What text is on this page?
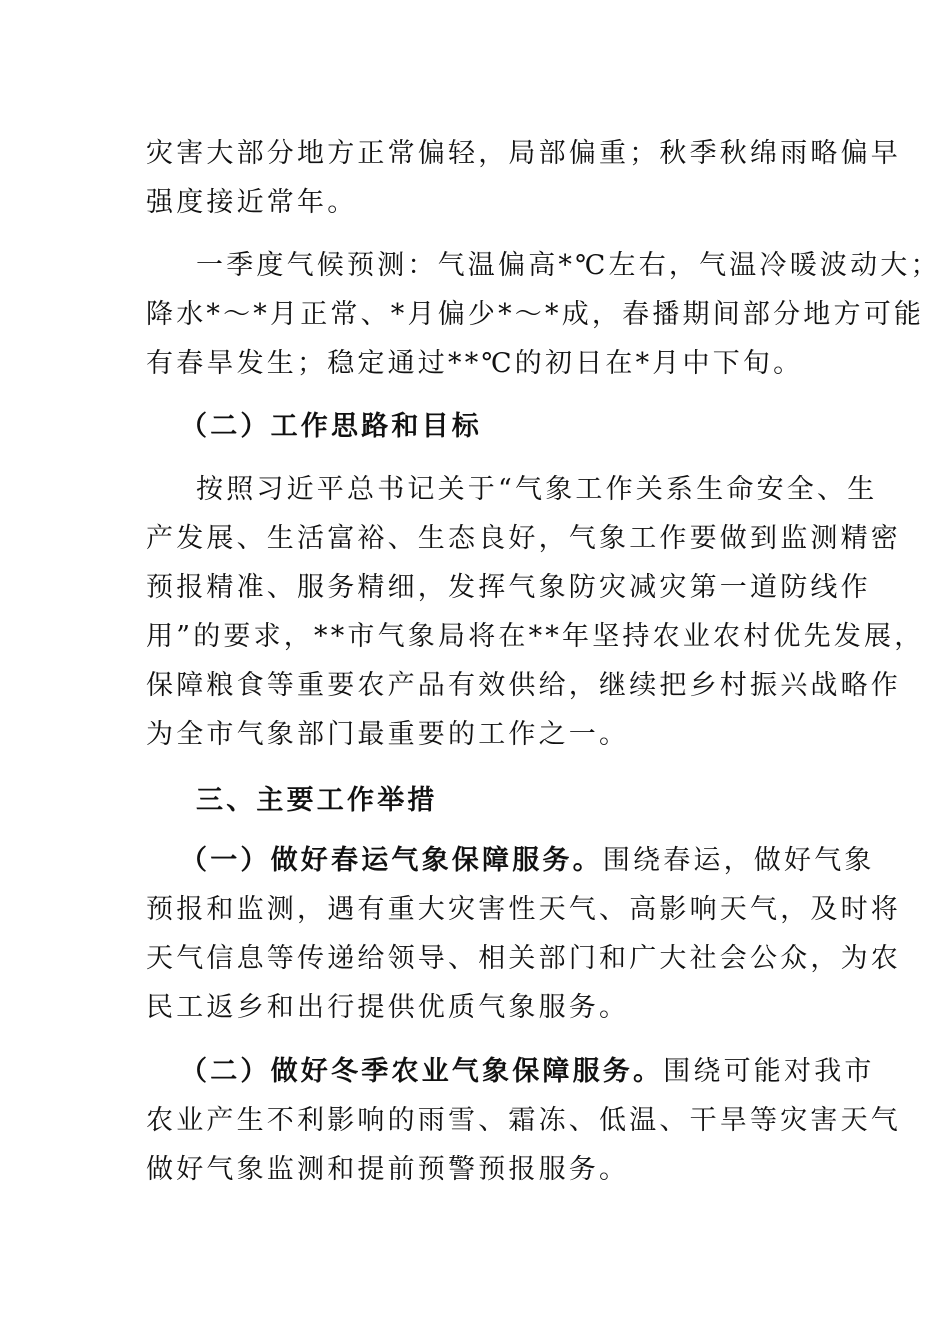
灾害大部分地方正常偏轻，局部偏重；秋季秋绵雨略偏早
强度接近常年。
一季度气候预测：气温偏高*℃左右，气温冷暖波动大；
降水*～*月正常、*月偏少*～*成，春播期间部分地方可能
有春旱发生；稳定通过**℃的初日在*月中下旬。
（二）工作思路和目标
按照习近平总书记关于“气象工作关系生命安全、生
产发展、生活富裕、生态良好，气象工作要做到监测精密
预报精准、服务精细，发挥气象防灾减灾第一道防线作
用”的要求，**市气象局将在**年坚持农业农村优先发展，
保障粮食等重要农产品有效供给，继续把乡村振兴战略作
为全市气象部门最重要的工作之一。
三、主要工作举措
（一）做好春运气象保障服务。围绕春运，做好气象
预报和监测，遇有重大灾害性天气、高影响天气，及时将
天气信息等传递给领导、相关部门和广大社会公众，为农
民工返乡和出行提供优质气象服务。
（二）做好冬季农业气象保障服务。围绕可能对我市
农业产生不利影响的雨雪、霜冻、低温、干旱等灾害天气
做好气象监测和提前预警预报服务。
